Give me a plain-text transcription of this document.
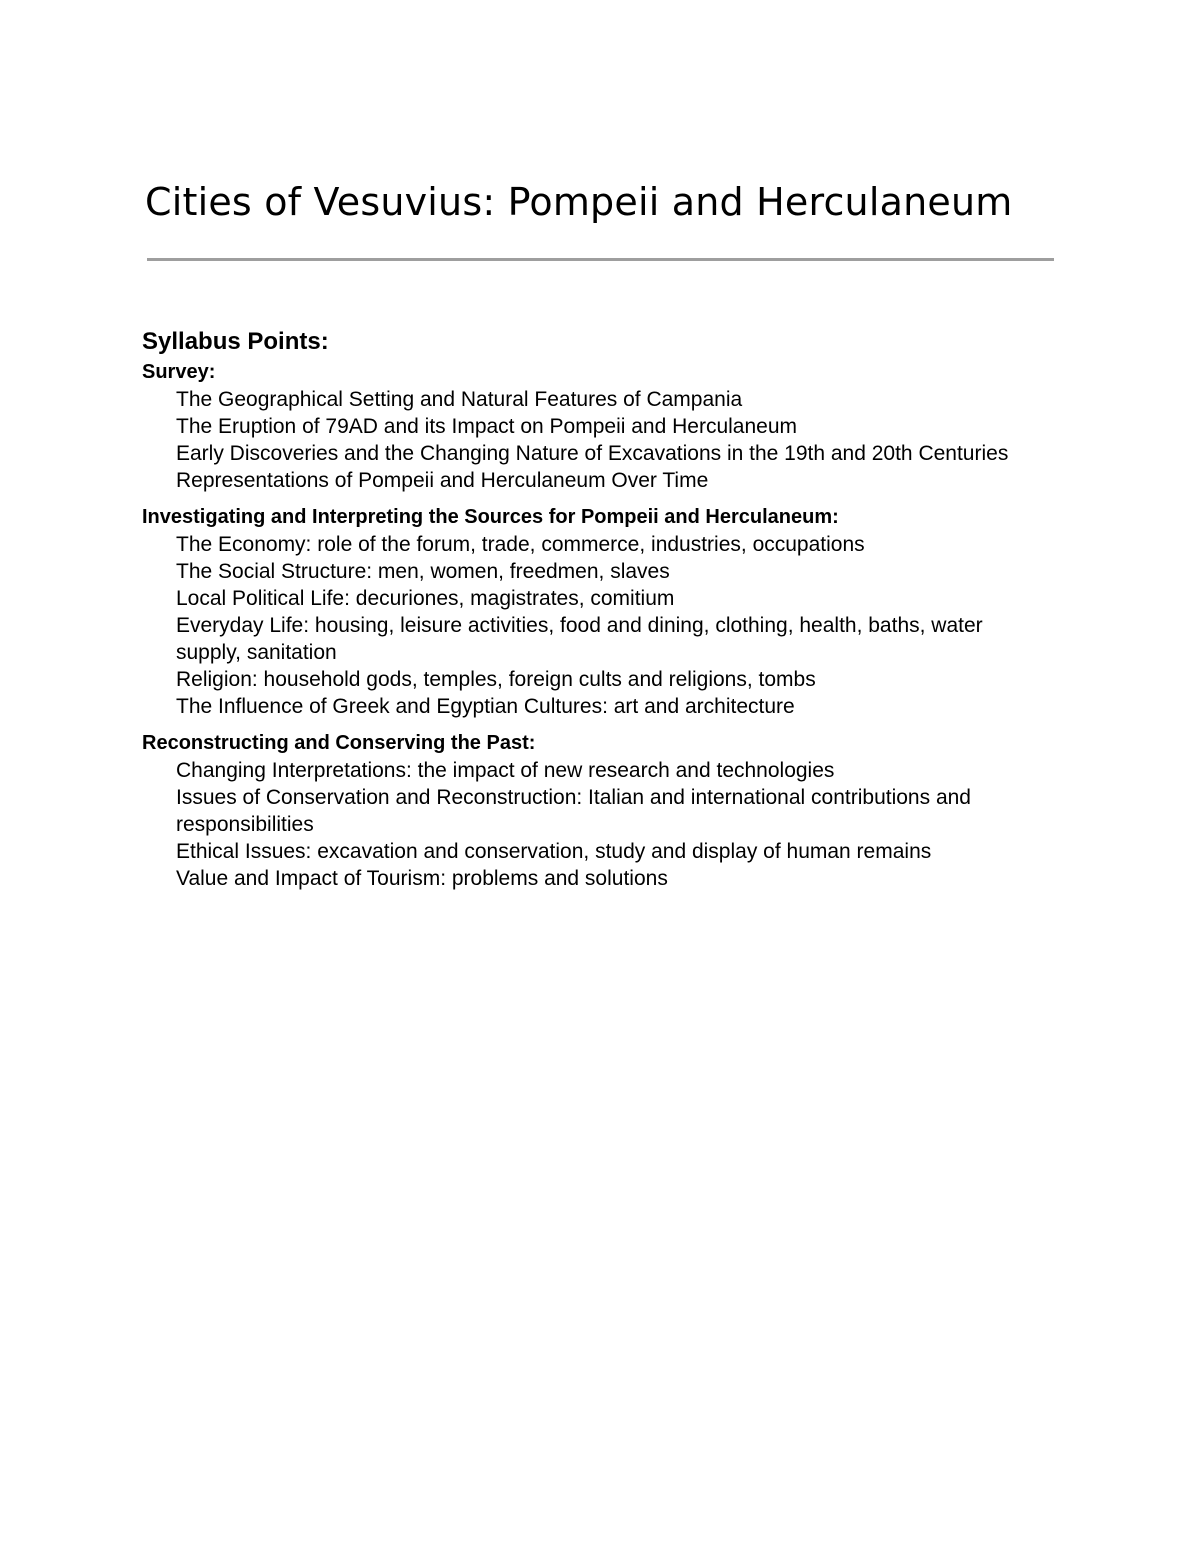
Cities of Vesuvius: Pompeii and Herculaneum
Syllabus Points:
Survey:
The Geographical Setting and Natural Features of Campania
The Eruption of 79AD and its Impact on Pompeii and Herculaneum
Early Discoveries and the Changing Nature of Excavations in the 19th and 20th Centuries
Representations of Pompeii and Herculaneum Over Time
Investigating and Interpreting the Sources for Pompeii and Herculaneum:
The Economy: role of the forum, trade, commerce, industries, occupations
The Social Structure: men, women, freedmen, slaves
Local Political Life: decuriones, magistrates, comitium
Everyday Life: housing, leisure activities, food and dining, clothing, health, baths, water supply, sanitation
Religion: household gods, temples, foreign cults and religions, tombs
The Influence of Greek and Egyptian Cultures: art and architecture
Reconstructing and Conserving the Past:
Changing Interpretations: the impact of new research and technologies
Issues of Conservation and Reconstruction: Italian and international contributions and responsibilities
Ethical Issues: excavation and conservation, study and display of human remains
Value and Impact of Tourism: problems and solutions
